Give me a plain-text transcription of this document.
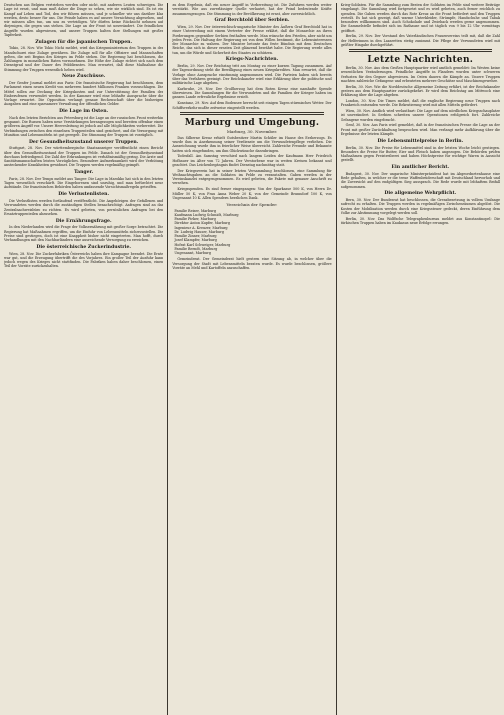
Deutschen aus Belgien vertrieben werden oder nicht, mit anderen Leuten schweigen. Die Lage ist ernst, und man muß daher die Dinge so sehen, wie sie wirklich sind. Es ist ein Kampf auf Leben und Tod, den wir führen müssen, und je schneller wir uns darüber klar werden, desto besser für uns. Die Feinde haben es auf unsere Vernichtung abgesehen, und wir müssen alles tun, um uns zu verteidigen. Wir dürfen keine Rücksicht nehmen auf diejenigen, die gegen uns stehen. Die Lage an der Front ist unverändert. Die feindlichen Angriffe wurden abgewiesen, und unsere Truppen halten ihre Stellungen mit großer Tapferkeit.

Zulagen für die japanischen Truppen.

Tokio, 28. Nov. Wie Tokio Nichi meldet, wird das Kriegsministerium den Truppen in der Mandschurei eine Zulage gewähren. Die Zulage soll für alle Offiziere und Mannschaften gelten, die seit Beginn des Krieges im Felde stehen. Die Regierung hat beschlossen, die Zahlungen in monatlichen Raten vorzunehmen. Die Höhe der Zulage richtet sich nach dem Dienstgrad und der Dauer des Felddienstes. Man erwartet, daß diese Maßnahme die Stimmung der Truppen wesentlich heben wird.

Neue Zuschüsse.

Der Genfer Journal meldet aus Paris: Die französische Regierung hat beschlossen, dem Parlament einen neuen Kredit von mehreren hundert Millionen Franken vorzuschlagen. Die Mittel sollen zur Deckung der Kriegskosten und zur Unterstützung der Familien der Einberufenen verwendet werden. In der Kammer wird eine lebhafte Aussprache über die Vorlage erwartet. Die Opposition verlangt genaue Rechenschaft über die bisherigen Ausgaben und eine sparsamere Verwaltung der öffentlichen Gelder.

Die Lage im Osten.

Nach den letzten Berichten aus Petersburg ist die Lage an der russischen Front weiterhin gespannt. Die Russen haben neue Verstärkungen herangezogen und bereiten offenbar einen größeren Angriff vor. Unsere Heeresleitung ist jedoch auf alle Möglichkeiten vorbereitet. Die Verbindungen zwischen den einzelnen Truppenteilen sind gesichert, und die Versorgung mit Munition und Lebensmitteln ist gut geregelt. Die Stimmung der Truppen ist vorzüglich.

Der Gesundheitszustand unserer Truppen.

Stuttgart, 28. Nov. Der württembergische Staatsanzeiger veröffentlicht einen Bericht über den Gesundheitszustand der Truppen im Felde. Danach ist der Gesundheitszustand durchaus befriedigend. Die Zahl der Erkrankungen ist verhältnismäßig gering. Die Ärzte und Sanitätsmannschaften leisten Vorzügliches. Besondere Aufmerksamkeit wird der Verhütung ansteckender Krankheiten gewidmet. Die Truppen werden regelmäßig geimpft.

Tanger.

Paris, 28. Nov. Der Temps meldet aus Tanger: Die Lage in Marokko hat sich in den letzten Tagen wesentlich verschärft. Die Eingeborenen sind unruhig, und man befürchtet neue Aufstände. Die französischen Behörden haben umfassende Vorsichtsmaßregeln getroffen.

Die Verlustenlisten.

Die Verlustlisten werden fortlaufend veröffentlicht. Die Angehörigen der Gefallenen und Verwundeten werden durch die zuständigen Stellen benachrichtigt. Anfragen sind an das Zentralnachweisbüro zu richten. Es wird gebeten, von persönlichen Anfragen bei den Ersatztruppenteilen abzusehen.

Die Ernährungsfrage.

In den Niederlanden wird die Frage der Volksernährung mit großer Sorge betrachtet. Die Regierung hat Maßnahmen ergriffen, um die Einfuhr von Lebensmitteln sicherzustellen. Die Preise sind gestiegen, doch ist eine Knappheit bisher nicht eingetreten. Man hofft, durch Verhandlungen mit den Nachbarländern eine ausreichende Versorgung zu erreichen.

Die österreichische Zuckerindustrie.

Wien, 28. Nov. Die Zuckerfabriken Österreichs haben ihre Kampagne beendet. Die Ernte war gut, und die Erzeugung übertrifft die des Vorjahres. Ein großer Teil der Ausfuhr kann jedoch wegen des Krieges nicht stattfinden. Die Fabriken haben daher beschlossen, einen Teil der Vorräte zurückzuhalten.

zu dem Ergebnis, daß ein neuer Angriff in Vorbereitung ist. Die Zufuhren werden weiter verstärkt. Wie aus zuverlässiger Quelle verlautet, hat der Feind bedeutende Kräfte zusammengezogen. Die Stimmung in der Bevölkerung ist ernst, aber zuversichtlich.

Graf Berchtold über Serbien.

Wien, 29. Nov. Der österreichisch-ungarische Minister des Äußern Graf Berchtold hat in einer Unterredung mit einem Vertreter der Presse erklärt, daß die Monarchie an ihren Forderungen gegenüber Serbien festhalten werde. Man wünsche den Frieden, aber nicht um jeden Preis. Die Haltung der Regierung sei von dem Willen bestimmt, die Lebensinteressen der Monarchie zu wahren. Der Minister betonte das feste Bündnis mit dem Deutschen Reiche, das sich in dieser ernsten Zeit glänzend bewährt habe. Die Regierung werde alles tun, um die Würde und Sicherheit des Staates zu schützen.

Kriegs-Nachrichten.

Berlin, 29. Nov. Der Reichstag tritt am Montag zu einer kurzen Tagung zusammen. Auf der Tagesordnung steht die Bewilligung eines neuen Kriegskredites. Man erwartet, daß die Vorlage ohne Aussprache einstimmig angenommen wird. Die Parteien haben sich bereits über das Verfahren geeinigt. Der Reichskanzler wird eine Erklärung über die politische und militärische Lage abgeben.

Karlsruhe, 29. Nov. Der Großherzog hat dem Roten Kreuz eine namhafte Spende überwiesen. Die Sammlungen für die Verwundeten und die Familien der Krieger haben im ganzen Lande erfreuliche Ergebnisse erzielt.

Konstanz, 29. Nov. Auf dem Bodensee herrscht seit einigen Tagen stürmisches Wetter. Der Schiffsverkehr mußte zeitweise eingestellt werden.

Marburg und Umgebung.
Marburg, 30. November.

Das Silberne Kreuz erhielt Gutsbesitzer Martin Schüler im Hause des Erzherzogs. Es wurde ihm in Anerkennung seiner Verdienste um die Verwundetenpflege verliehen. Die Auszeichnung wurde ihm in feierlicher Weise überreicht. Zahlreiche Freunde und Bekannte hatten sich eingefunden, um ihm Glückwünsche darzubringen.

Todesfall. Am Samstag verschied nach langem Leiden der Kaufmann Herr Friedrich Hofbauer im Alter von 72 Jahren. Der Verstorbene war in weiten Kreisen bekannt und geachtet. Das Leichenbegängnis findet Dienstag nachmittag statt.

Der Kriegsverein hat in seiner letzten Versammlung beschlossen, eine Sammlung für Weihnachtsgaben an die Soldaten im Felde zu veranstalten. Gaben werden in der Vereinskanzlei entgegengenommen. Es wird gebeten, die Pakete mit genauer Anschrift zu versehen.

Kriegsspenden. Es sind ferner eingegangen: Von der Sparkasse 500 K, von Herrn Dr. Müller 50 K, von Frau Anna Weber 20 K, von der Gemeinde Brunndorf 100 K, von Ungenannt 10 K. Allen Spendern herzlichen Dank.

Verzeichnis der Spender:
Familie Reiser, Marburg
Kaufmann Ludwig Schmidt, Marburg
Familie Pirker, Marburg
Direktor Anton Kupfer, Marburg
Ingenieur A. Kreuzer, Marburg
Dr. Ludwig Hauser, Marburg
Familie Zinner, Marburg
Josef Klampfer, Marburg
Hofrat Karl Schweiger, Marburg
Familie Berndt, Marburg
Ungenannt, Marburg

Gemeinderat. Der Gemeinderat hielt gestern eine Sitzung ab, in welcher über die Versorgung der Stadt mit Lebensmitteln beraten wurde. Es wurde beschlossen, größere Vorräte an Mehl und Kartoffeln anzuschaffen.

Krieg-Soldaten. Für die Sammlung zum Besten der Soldaten im Felde sind weitere Beiträge eingelangt. Die Sammlung wird fortgesetzt und es wird gebeten, auch ferner reichlich zu spenden. Die Gaben werden durch das Rote Kreuz an die Front befördert und den Truppen verteilt. Es hat sich gezeigt, daß warme Unterkleider, Strümpfe, Handschuhe und Tabak besonders willkommen sind. Auch Schokolade und Zwieback werden gerne angenommen. Die Sammelstelle befindet sich im Rathause und ist täglich von 9 bis 12 Uhr vormittags geöffnet.

Berlin, 29. Nov. Der Vorstand des Vaterländischen Frauenvereins teilt mit, daß die Zahl der Helferinnen in den Lazaretten stetig zunimmt. Die Pflege der Verwundeten wird mit größter Hingabe durchgeführt.

Letzte Nachrichten.

Berlin, 30. Nov. Aus dem Großen Hauptquartier wird amtlich gemeldet: Im Westen keine wesentlichen Veränderungen. Feindliche Angriffe in Flandern wurden unter schweren Verlusten für den Gegner abgewiesen. Im Osten dauern die Kämpfe an. Unsere Truppen machten zahlreiche Gefangene und erbeuteten mehrere Geschütze und Maschinengewehre.

Berlin, 30. Nov. Wie die Norddeutsche Allgemeine Zeitung erfährt, ist der Reichskanzler gestern aus dem Hauptquartier zurückgekehrt. Er wird dem Reichstag am Mittwoch eine Erklärung über die Lage abgeben.

London, 30. Nov. Die Times meldet, daß die englische Regierung neue Truppen nach Frankreich entsenden werde. Die Rekrutierung wird mit allen Mitteln gefördert.

Wien, 30. Nov. Amtlich wird verlautbart: Die Lage auf dem nördlichen Kriegsschauplatze ist unverändert. In Serbien schreiten unsere Operationen erfolgreich fort. Zahlreiche Gefangene wurden eingebracht.

Genf, 30. Nov. Aus Paris wird gemeldet, daß in der französischen Presse die Lage an der Front mit großer Zurückhaltung besprochen wird. Man verlangt mehr Aufklärung über die Ergebnisse der letzten Kämpfe.

Die Lebensmittelpreise in Berlin.

Berlin, 30. Nov. Die Preise für Lebensmittel sind in der letzten Woche leicht gestiegen. Besonders die Preise für Butter, Eier und Fleisch haben angezogen. Die Behörden prüfen Maßnahmen gegen Preistreiberei und haben Höchstpreise für wichtige Waren in Aussicht gestellt.

Ein amtlicher Bericht.

Budapest, 30. Nov. Der ungarische Ministerpräsident hat im Abgeordnetenhause eine Rede gehalten, in welcher er die treue Waffenbrüderschaft mit Deutschland hervorhob und die Zuversicht auf den endgültigen Sieg aussprach. Die Rede wurde mit lebhaftem Beifall aufgenommen.

Die allgemeine Wehrpflicht.

Bern, 30. Nov. Der Bundesrat hat beschlossen, die Grenzbesetzung in vollem Umfange aufrecht zu erhalten. Die Truppen werden in regelmäßigen Zwischenräumen abgelöst. Die Kosten der Mobilisation werden durch eine Kriegssteuer gedeckt, deren Einführung dem Volke zur Abstimmung vorgelegt werden soll.

Berlin, 30. Nov. Das Wolffsche Telegraphenbureau meldet aus Konstantinopel: Die türkischen Truppen haben im Kaukasus neue Erfolge errungen.
